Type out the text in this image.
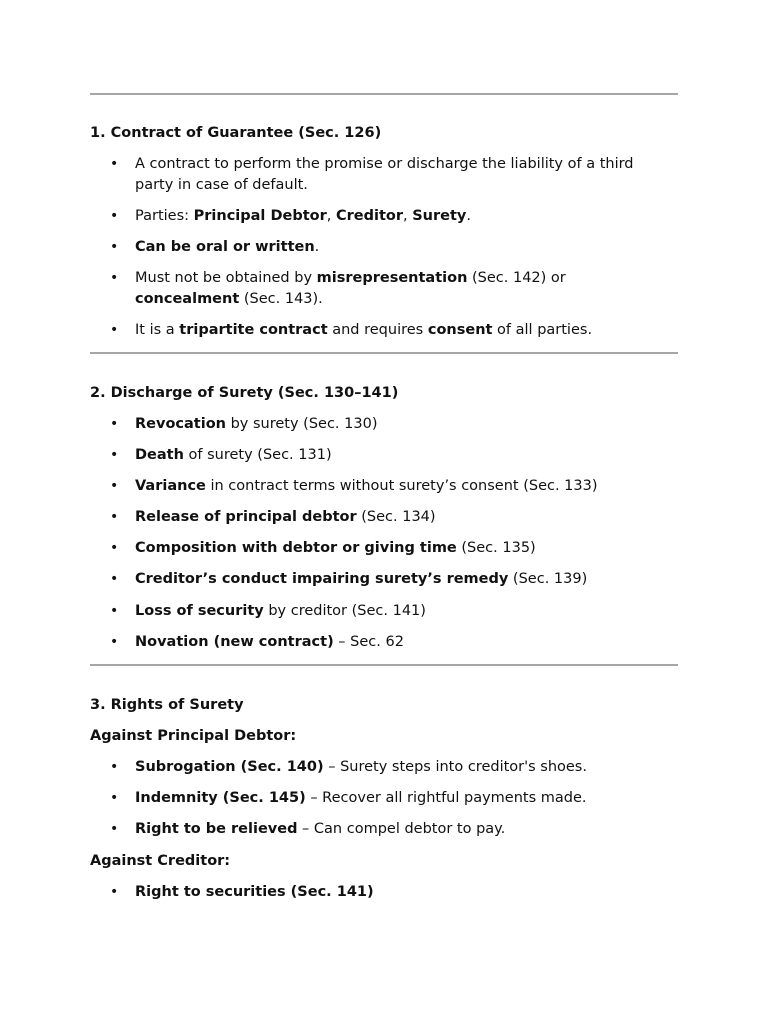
1. Contract of Guarantee (Sec. 126)
• A contract to perform the promise or discharge the liability of a third party in case of default.
• Parties: Principal Debtor, Creditor, Surety.
• Can be oral or written.
• Must not be obtained by misrepresentation (Sec. 142) or
concealment (Sec. 143).
• It is a tripartite contract and requires consent of all parties.
2. Discharge of Surety (Sec. 130–141)
• Revocation by surety (Sec. 130)
• Death of surety (Sec. 131)
• Variance in contract terms without surety’s consent (Sec. 133)
• Release of principal debtor (Sec. 134)
• Composition with debtor or giving time (Sec. 135)
• Creditor’s conduct impairing surety’s remedy (Sec. 139)
• Loss of security by creditor (Sec. 141)
• Novation (new contract) – Sec. 62
3. Rights of Surety
Against Principal Debtor:
• Subrogation (Sec. 140) – Surety steps into creditor's shoes.
• Indemnity (Sec. 145) – Recover all rightful payments made.
• Right to be relieved – Can compel debtor to pay.
Against Creditor:
• Right to securities (Sec. 141)
